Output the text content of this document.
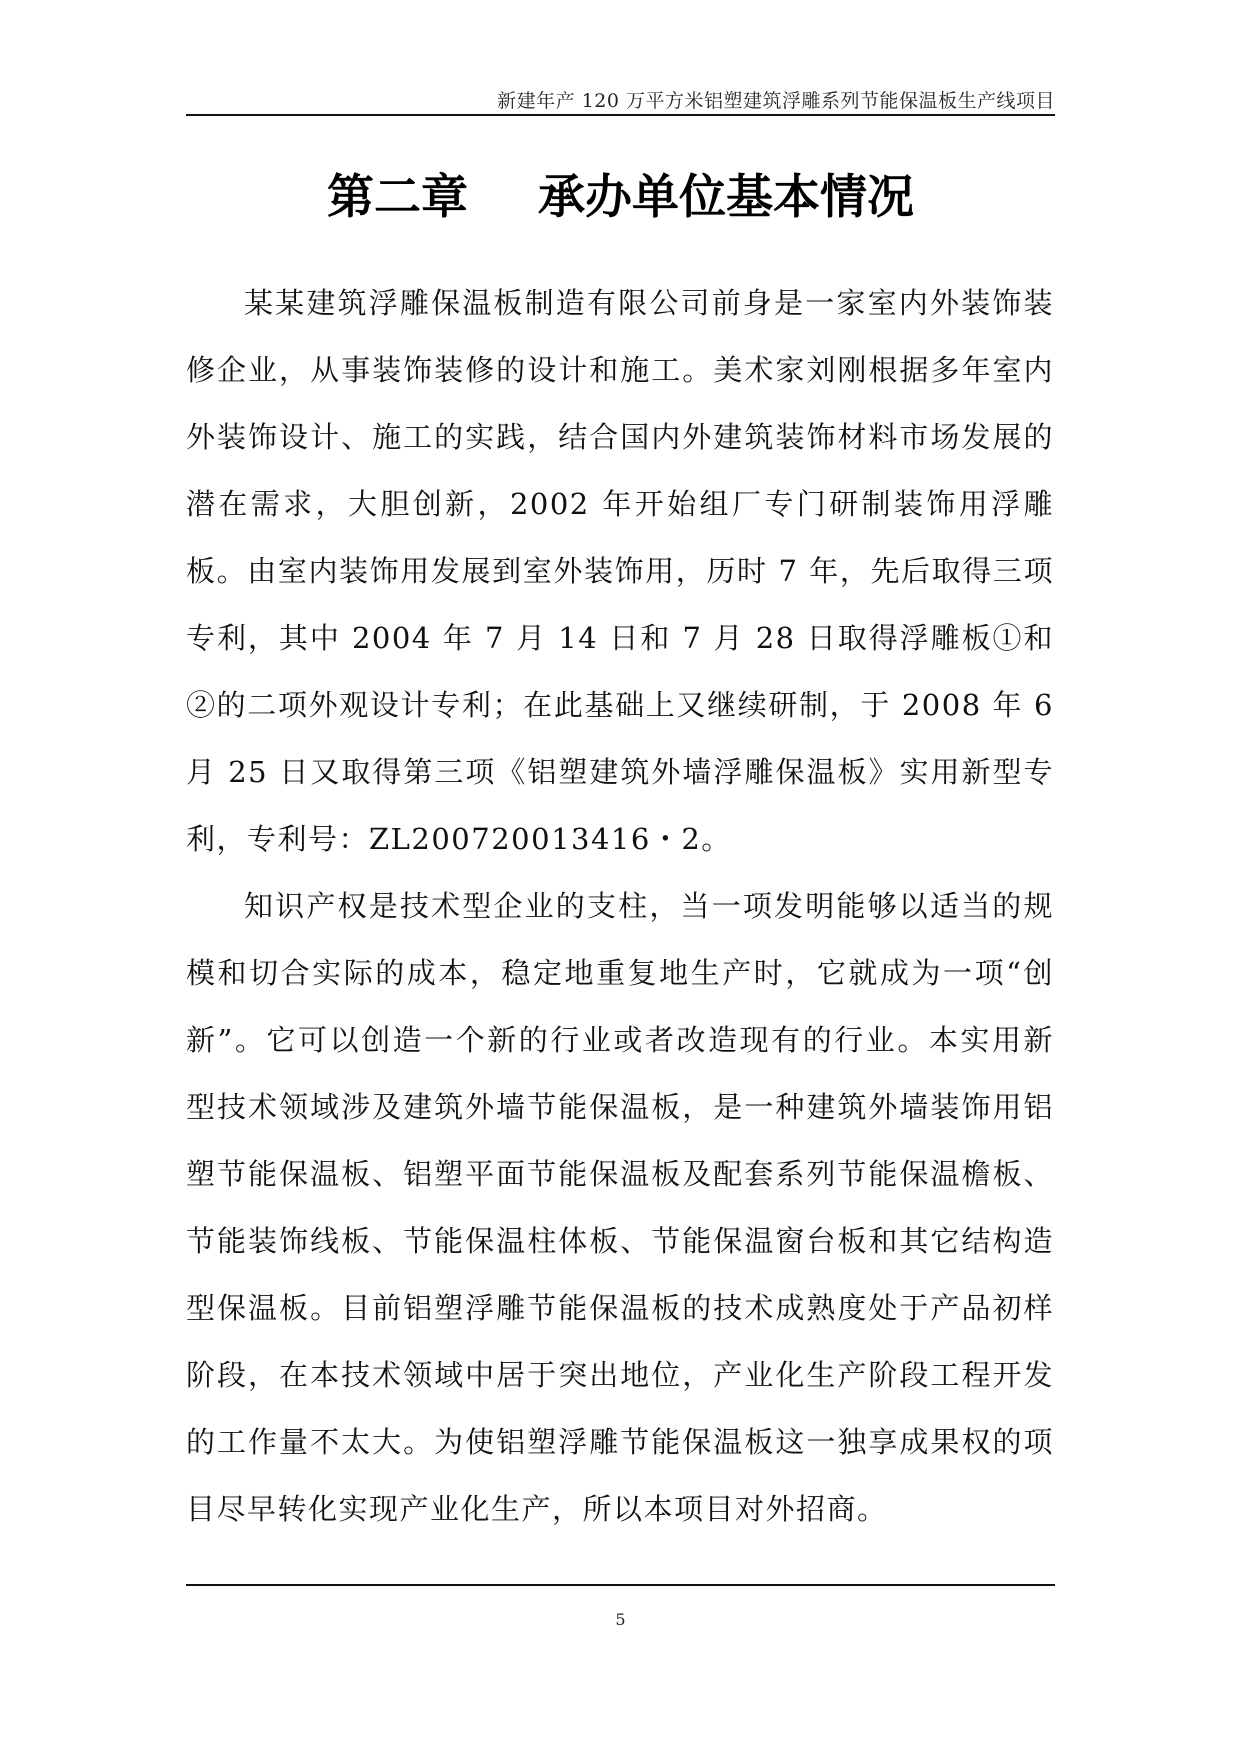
新建年产 120 万平方米铝塑建筑浮雕系列节能保温板生产线项目
第二章 承办单位基本情况

某某建筑浮雕保温板制造有限公司前身是一家室内外装饰装修企业，从事装饰装修的设计和施工。美术家刘刚根据多年室内外装饰设计、施工的实践，结合国内外建筑装饰材料市场发展的潜在需求，大胆创新，2002 年开始组厂专门研制装饰用浮雕板。由室内装饰用发展到室外装饰用，历时 7 年，先后取得三项专利，其中 2004 年 7 月 14 日和 7 月 28 日取得浮雕板①和②的二项外观设计专利；在此基础上又继续研制，于 2008 年 6 月 25 日又取得第三项《铝塑建筑外墙浮雕保温板》实用新型专利，专利号：ZL200720013416・2。

知识产权是技术型企业的支柱，当一项发明能够以适当的规模和切合实际的成本，稳定地重复地生产时，它就成为一项“创新”。它可以创造一个新的行业或者改造现有的行业。本实用新型技术领域涉及建筑外墙节能保温板，是一种建筑外墙装饰用铝塑节能保温板、铝塑平面节能保温板及配套系列节能保温檐板、节能装饰线板、节能保温柱体板、节能保温窗台板和其它结构造型保温板。目前铝塑浮雕节能保温板的技术成熟度处于产品初样阶段，在本技术领域中居于突出地位，产业化生产阶段工程开发的工作量不太大。为使铝塑浮雕节能保温板这一独享成果权的项目尽早转化实现产业化生产，所以本项目对外招商。

5
